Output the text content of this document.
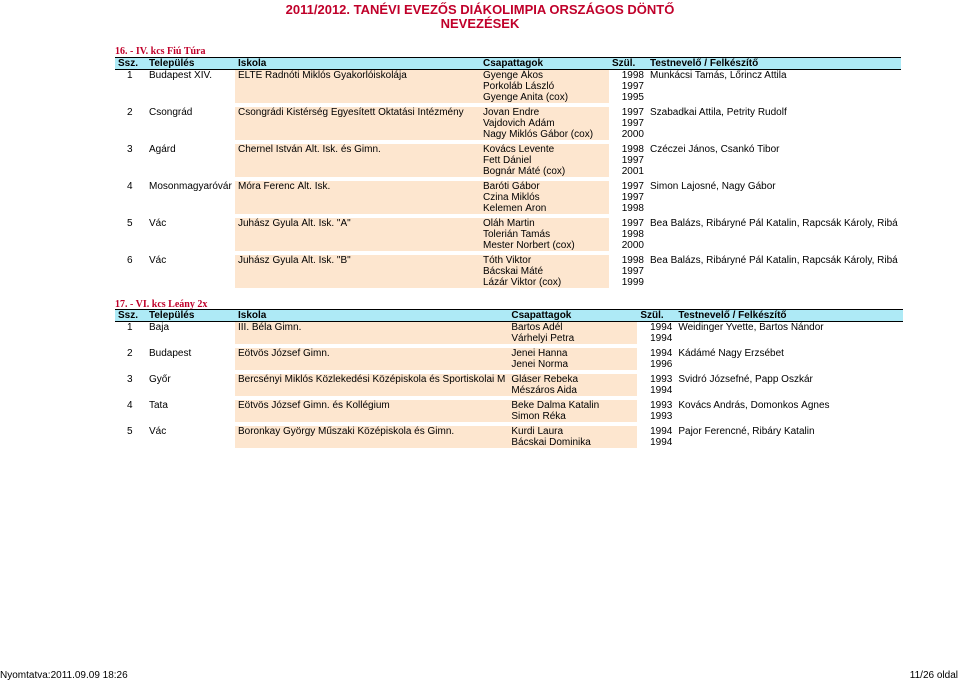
2011/2012. TANÉVI EVEZŐS DIÁKOLIMPIA ORSZÁGOS DÖNTŐ
NEVEZÉSEK
16. - IV. kcs Fiú Túra
Ssz.	Település	Iskola	Csapattagok	Szül.	Testnevelő / Felkészítő
1	Budapest XIV.	ELTE Radnóti Miklós Gyakorlóiskolája	Gyenge Ákos	1998	Munkácsi Tamás, Lőrincz Attila
			Porkoláb László	1997	
			Gyenge Anita (cox)	1995	

2	Csongrád	Csongrádi Kistérség Egyesített Oktatási Intézmény	Jovan Endre	1997	Szabadkai Attila, Petrity Rudolf
			Vajdovich Ádám	1997	
			Nagy Miklós Gábor (cox)	2000	

3	Agárd	Chernel István Ált. Isk. és Gimn.	Kovács Levente	1998	Czéczei János, Csankó Tibor
			Fett Dániel	1997	
			Bognár Máté (cox)	2001	

4	Mosonmagyaróvár	Móra Ferenc Ált. Isk.	Baróti Gábor	1997	Simon Lajosné, Nagy Gábor
			Czina Miklós	1997	
			Kelemen Áron	1998	

5	Vác	Juhász Gyula Ált. Isk. "A"	Oláh Martin	1997	Bea Balázs, Ribáryné Pál Katalin, Rapcsák Károly, Ribá
			Tolerián Tamás	1998	
			Mester Norbert (cox)	2000	

6	Vác	Juhász Gyula Ált. Isk. "B"	Tóth Viktor	1998	Bea Balázs, Ribáryné Pál Katalin, Rapcsák Károly, Ribá
			Bácskai Máté	1997	
			Lázár Viktor (cox)	1999	

17. - VI. kcs Leány 2x
Ssz.	Település	Iskola	Csapattagok	Szül.	Testnevelő / Felkészítő
1	Baja	III. Béla Gimn.	Bartos Adél	1994	Weidinger Yvette, Bartos Nándor
			Várhelyi Petra	1994	

2	Budapest	Eötvös József Gimn.	Jenei Hanna	1994	Kádámé Nagy Erzsébet
			Jenei Norma	1996	

3	Győr	Bercsényi Miklós Közlekedési Középiskola és Sportiskolai M	Gláser Rebeka	1993	Svidró Józsefné, Papp Oszkár
			Mészáros Aida	1994	

4	Tata	Eötvös József Gimn. és Kollégium	Beke Dalma Katalin	1993	Kovács András, Domonkos Ágnes
			Simon Réka	1993	

5	Vác	Boronkay György Műszaki Középiskola és Gimn.	Kurdi Laura	1994	Pajor Ferencné, Ribáry Katalin
			Bácskai Dominika	1994	

Nyomtatva:2011.09.09 18:26	11/26 oldal
